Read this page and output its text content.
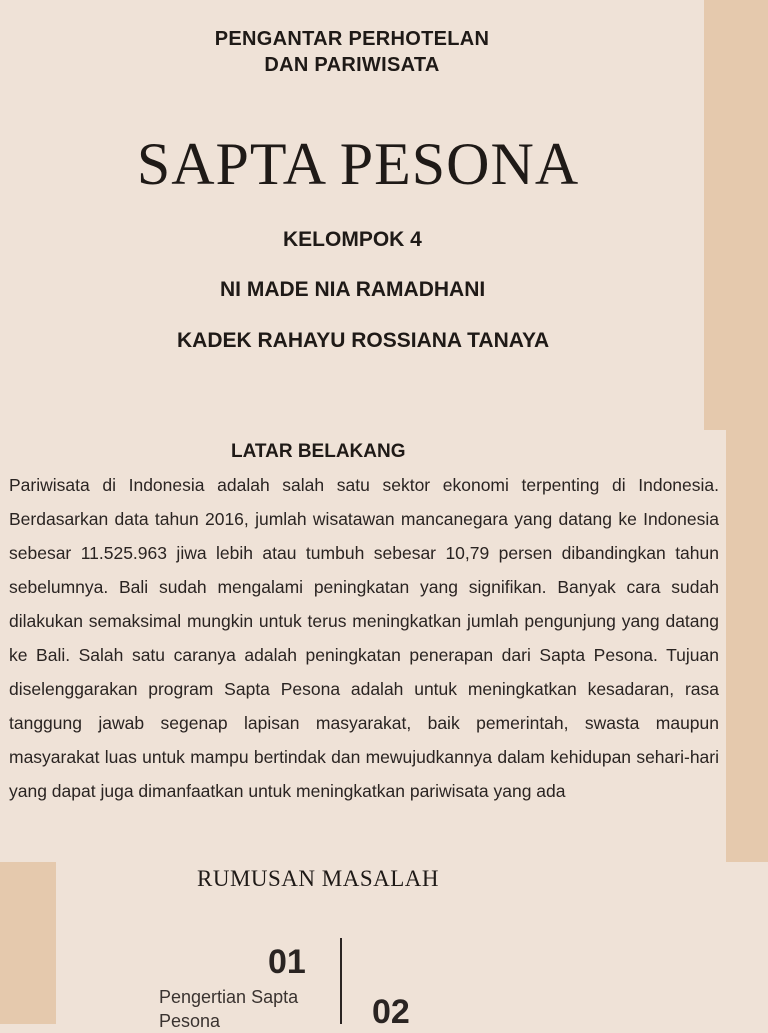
PENGANTAR PERHOTELAN
DAN PARIWISATA
SAPTA PESONA
KELOMPOK 4
NI MADE NIA RAMADHANI
KADEK RAHAYU ROSSIANA TANAYA
LATAR BELAKANG

Pariwisata di Indonesia adalah salah satu sektor ekonomi terpenting di Indonesia. Berdasarkan data tahun 2016, jumlah wisatawan mancanegara yang datang ke Indonesia sebesar 11.525.963 jiwa lebih atau tumbuh sebesar 10,79 persen dibandingkan tahun sebelumnya. Bali sudah mengalami peningkatan yang signifikan. Banyak cara sudah dilakukan semaksimal mungkin untuk terus meningkatkan jumlah pengunjung yang datang ke Bali. Salah satu caranya adalah peningkatan penerapan dari Sapta Pesona. Tujuan diselenggarakan program Sapta Pesona adalah untuk meningkatkan kesadaran, rasa tanggung jawab segenap lapisan masyarakat, baik pemerintah, swasta maupun masyarakat luas untuk mampu bertindak dan mewujudkannya dalam kehidupan sehari-hari yang dapat juga dimanfaatkan untuk meningkatkan pariwisata yang ada

RUMUSAN MASALAH
01
Pengertian Sapta Pesona	02
